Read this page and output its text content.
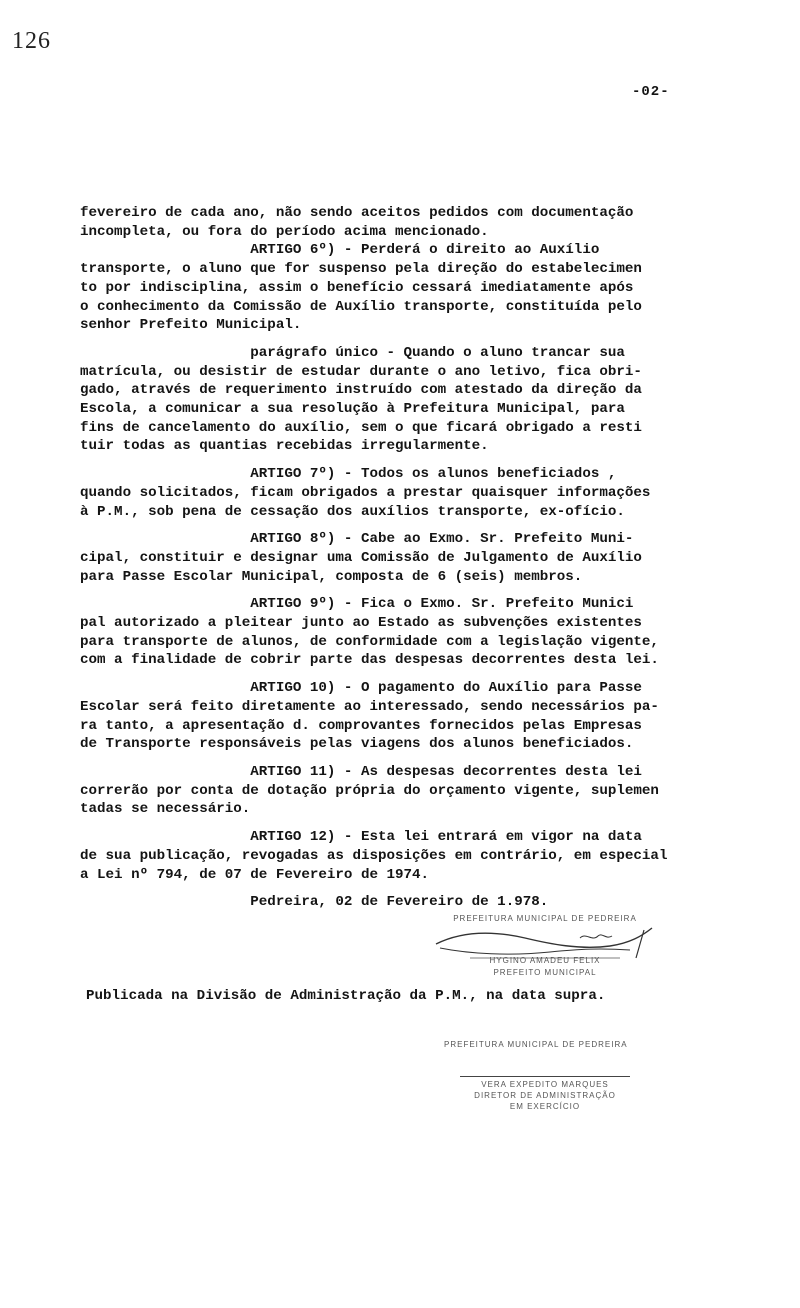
126
-02-
fevereiro de cada ano, não sendo aceitos pedidos com documentação
incompleta, ou fora do período acima mencionado.
ARTIGO 6º) - Perderá o direito ao Auxílio
transporte, o aluno que for suspenso pela direção do estabelecimen
to por indisciplina, assim o benefício cessará imediatamente após
o conhecimento da Comissão de Auxílio transporte, constituída pelo
senhor Prefeito Municipal.
parágrafo único - Quando o aluno trancar sua
matrícula, ou desistir de estudar durante o ano letivo, fica obri-
gado, através de requerimento instruído com atestado da direção da
Escola, a comunicar a sua resolução à Prefeitura Municipal, para
fins de cancelamento do auxílio, sem o que ficará obrigado a resti
tuir todas as quantias recebidas irregularmente.
ARTIGO 7º) - Todos os alunos beneficiados ,
quando solicitados, ficam obrigados a prestar quaisquer informações
à P.M., sob pena de cessação dos auxílios transporte, ex-ofício.
ARTIGO 8º) - Cabe ao Exmo. Sr. Prefeito Muni-
cipal, constituir e designar uma Comissão de Julgamento de Auxílio
para Passe Escolar Municipal, composta de 6 (seis) membros.
ARTIGO 9º) - Fica o Exmo. Sr. Prefeito Munici
pal autorizado a pleitear junto ao Estado as subvenções existentes
para transporte de alunos, de conformidade com a legislação vigente,
com a finalidade de cobrir parte das despesas decorrentes desta lei.
ARTIGO 10) - O pagamento do Auxílio para Passe
Escolar será feito diretamente ao interessado, sendo necessários pa-
ra tanto, a apresentação d. comprovantes fornecidos pelas Empresas
de Transporte responsáveis pelas viagens dos alunos beneficiados.
ARTIGO 11) - As despesas decorrentes desta lei
correrão por conta de dotação própria do orçamento vigente, suplemen
tadas se necessário.
ARTIGO 12) - Esta lei entrará em vigor na data
de sua publicação, revogadas as disposições em contrário, em especial
a Lei nº 794, de 07 de Fevereiro de 1974.
Pedreira, 02 de Fevereiro de 1.978.
PREFEITURA MUNICIPAL DE PEDREIRA
HYGINO AMADEU FELIX
PREFEITO MUNICIPAL
Publicada na Divisão de Administração da P.M., na data supra.
PREFEITURA MUNICIPAL DE PEDREIRA
VERA EXPEDITO MARQUES
DIRETOR DE ADMINISTRAÇÃO
EM EXERCÍCIO
